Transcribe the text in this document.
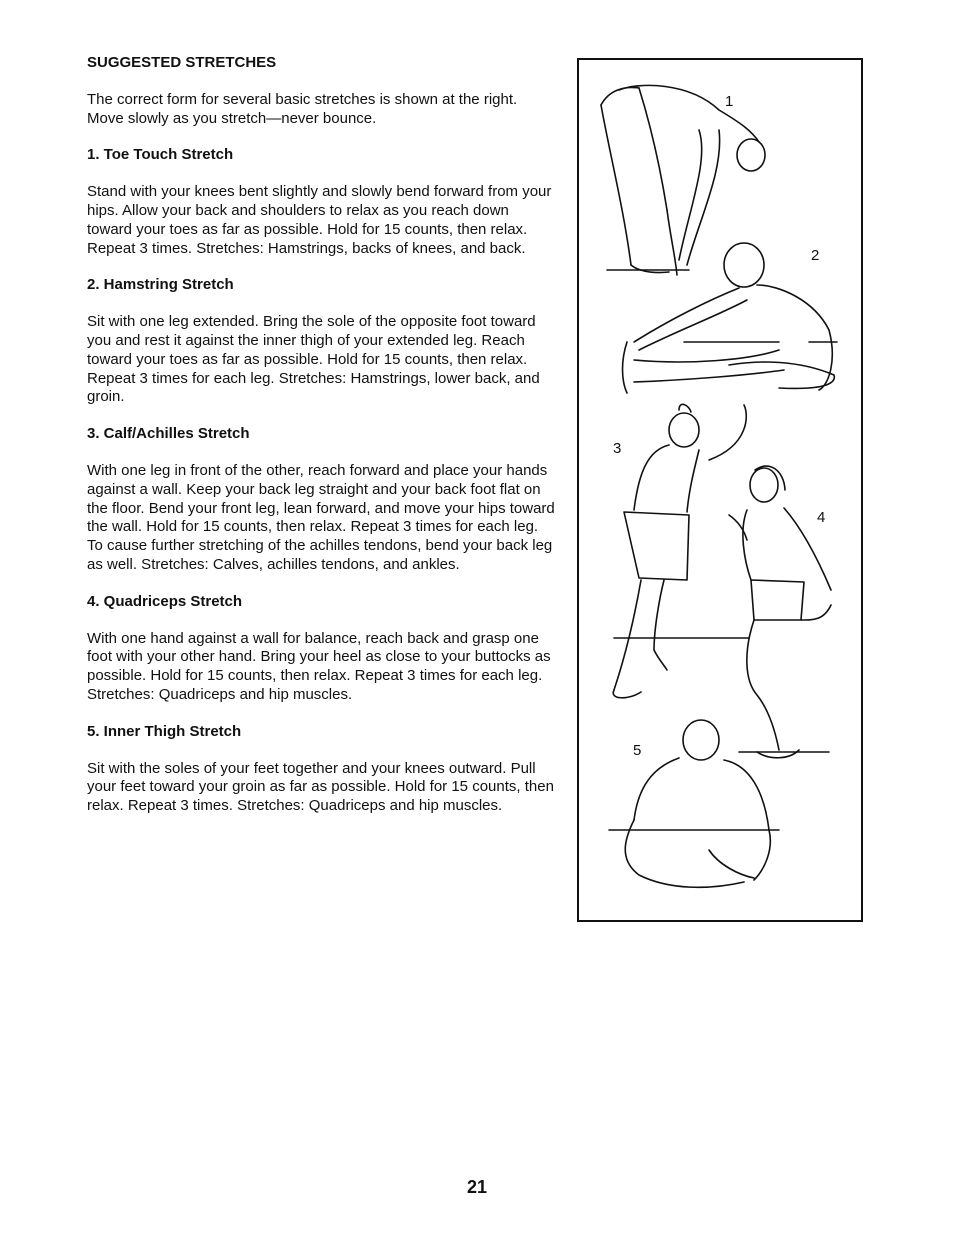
SUGGESTED STRETCHES
The correct form for several basic stretches is shown at the right. Move slowly as you stretch—never bounce.
1. Toe Touch Stretch
Stand with your knees bent slightly and slowly bend forward from your hips. Allow your back and shoulders to relax as you reach down toward your toes as far as possible. Hold for 15 counts, then relax. Repeat 3 times. Stretches: Hamstrings, backs of knees, and back.
2. Hamstring Stretch
Sit with one leg extended. Bring the sole of the opposite foot toward you and rest it against the inner thigh of your extended leg. Reach toward your toes as far as possible. Hold for 15 counts, then relax. Repeat 3 times for each leg. Stretches: Hamstrings, lower back, and groin.
3. Calf/Achilles Stretch
With one leg in front of the other, reach forward and place your hands against a wall. Keep your back leg straight and your back foot flat on the floor. Bend your front leg, lean forward, and move your hips toward the wall. Hold for 15 counts, then relax. Repeat 3 times for each leg. To cause further stretching of the achilles tendons, bend your back leg as well. Stretches: Calves, achilles tendons, and ankles.
4. Quadriceps Stretch
With one hand against a wall for balance, reach back and grasp one foot with your other hand. Bring your heel as close to your buttocks as possible. Hold for 15 counts, then relax. Repeat 3 times for each leg. Stretches: Quadriceps and hip muscles.
5. Inner Thigh Stretch
Sit with the soles of your feet together and your knees outward. Pull your feet toward your groin as far as possible. Hold for 15 counts, then relax. Repeat 3 times. Stretches: Quadriceps and hip muscles.
1
2
3
4
5
21
